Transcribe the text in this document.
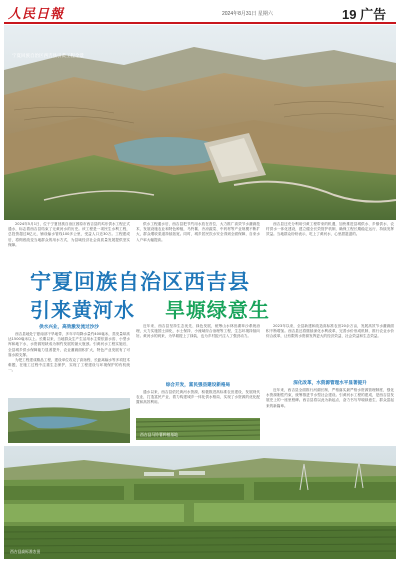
人民日報	2024年8月31日 星期六	19 广告
宁夏回族自治区西吉县引黄工程全景
宁夏回族自治区西吉县
引来黄河水 旱塬绿意生

2024年5月1日，位于宁夏回族自治区固原市西吉县的鸡东供水工程正式通水，标志着西吉县结束了无黄河水的历史。该工程是一项民生水利工程，总投资超过8亿元，铺设输水管线100多公里，受益人口近30万。工程建成后，将彻底改变当地群众的用水方式，为县域经济社会高质量发展提供坚实保障。

供水兴业，高效激发流过沙沙

西吉县地处宁夏南部干旱地带，多年平均降水量约400毫米，蒸发量却高达1500毫米以上。长期以来，当地群众生产生活用水主要依靠水窖、小型水库和地下水，水资源短缺成为制约发展的最大瓶颈。引黄河水工程实施后，全县城乡供水保障能力显著提升，农业灌溉面积扩大，特色产业发展有了可靠水源支撑。

为把工程建成精品工程，建设单位攻克了高扬程、长距离输水等多项技术难题，在施工过程中注重生态保护，实现了工程建设与环境保护的有机统一。

供水工程通水后，西吉县把节约用水放在首位，大力推广高效节水灌溉技术，发展设施农业和特色种植，马铃薯、冷凉蔬菜、中药材等产业规模不断扩大，群众增收渠道持续拓宽。同时，城乡居民饮水安全得到全面保障，自来水入户率大幅提高。

近年来，西吉县坚持生态优先、绿色发展，统筹山水林田湖草沙系统治理，大力实施国土绿化、水土保持、小流域综合治理等工程，生态环境持续向好。黄河水的到来，为旱塬披上了绿装，也为乡村振兴注入了强劲动力。

综合开发，富民强县建设新格局

通水以来，西吉县依托黄河水资源，积极推进高标准农田建设，发展现代农业，打造富民产业，着力构建城乡一体化供水格局，实现了水资源的优化配置和高效利用。

西吉县还充分利用引黄工程带来的机遇，加快推进县城供水、乡镇供水、农村供水一体化建设，建立健全长效管护机制，确保工程长期稳定运行、持续发挥效益。当地群众纷纷表示，吃上了黄河水，心里甜滋滋的。

2023年以来，全县新建和改造高标准农田20余万亩，发展高效节水灌溉面积不断增加。西吉县还将继续深化水利改革，完善水价形成机制，推行农业水价综合改革，让有限的水资源发挥更大的经济效益、社会效益和生态效益。

深化改革，水资源管理水平显著提升

近年来，西吉县全面推行河湖长制，严格落实最严格水资源管理制度，强化水资源刚性约束，统筹推进节水型社会建设。引黄河水工程的建成，是西吉县发展史上的一座里程碑。西吉县将以此为新起点，奋力书写旱塬绿意生、群众富起来的新篇章。

西吉县马铃薯种植基地
西吉县高标准农田
